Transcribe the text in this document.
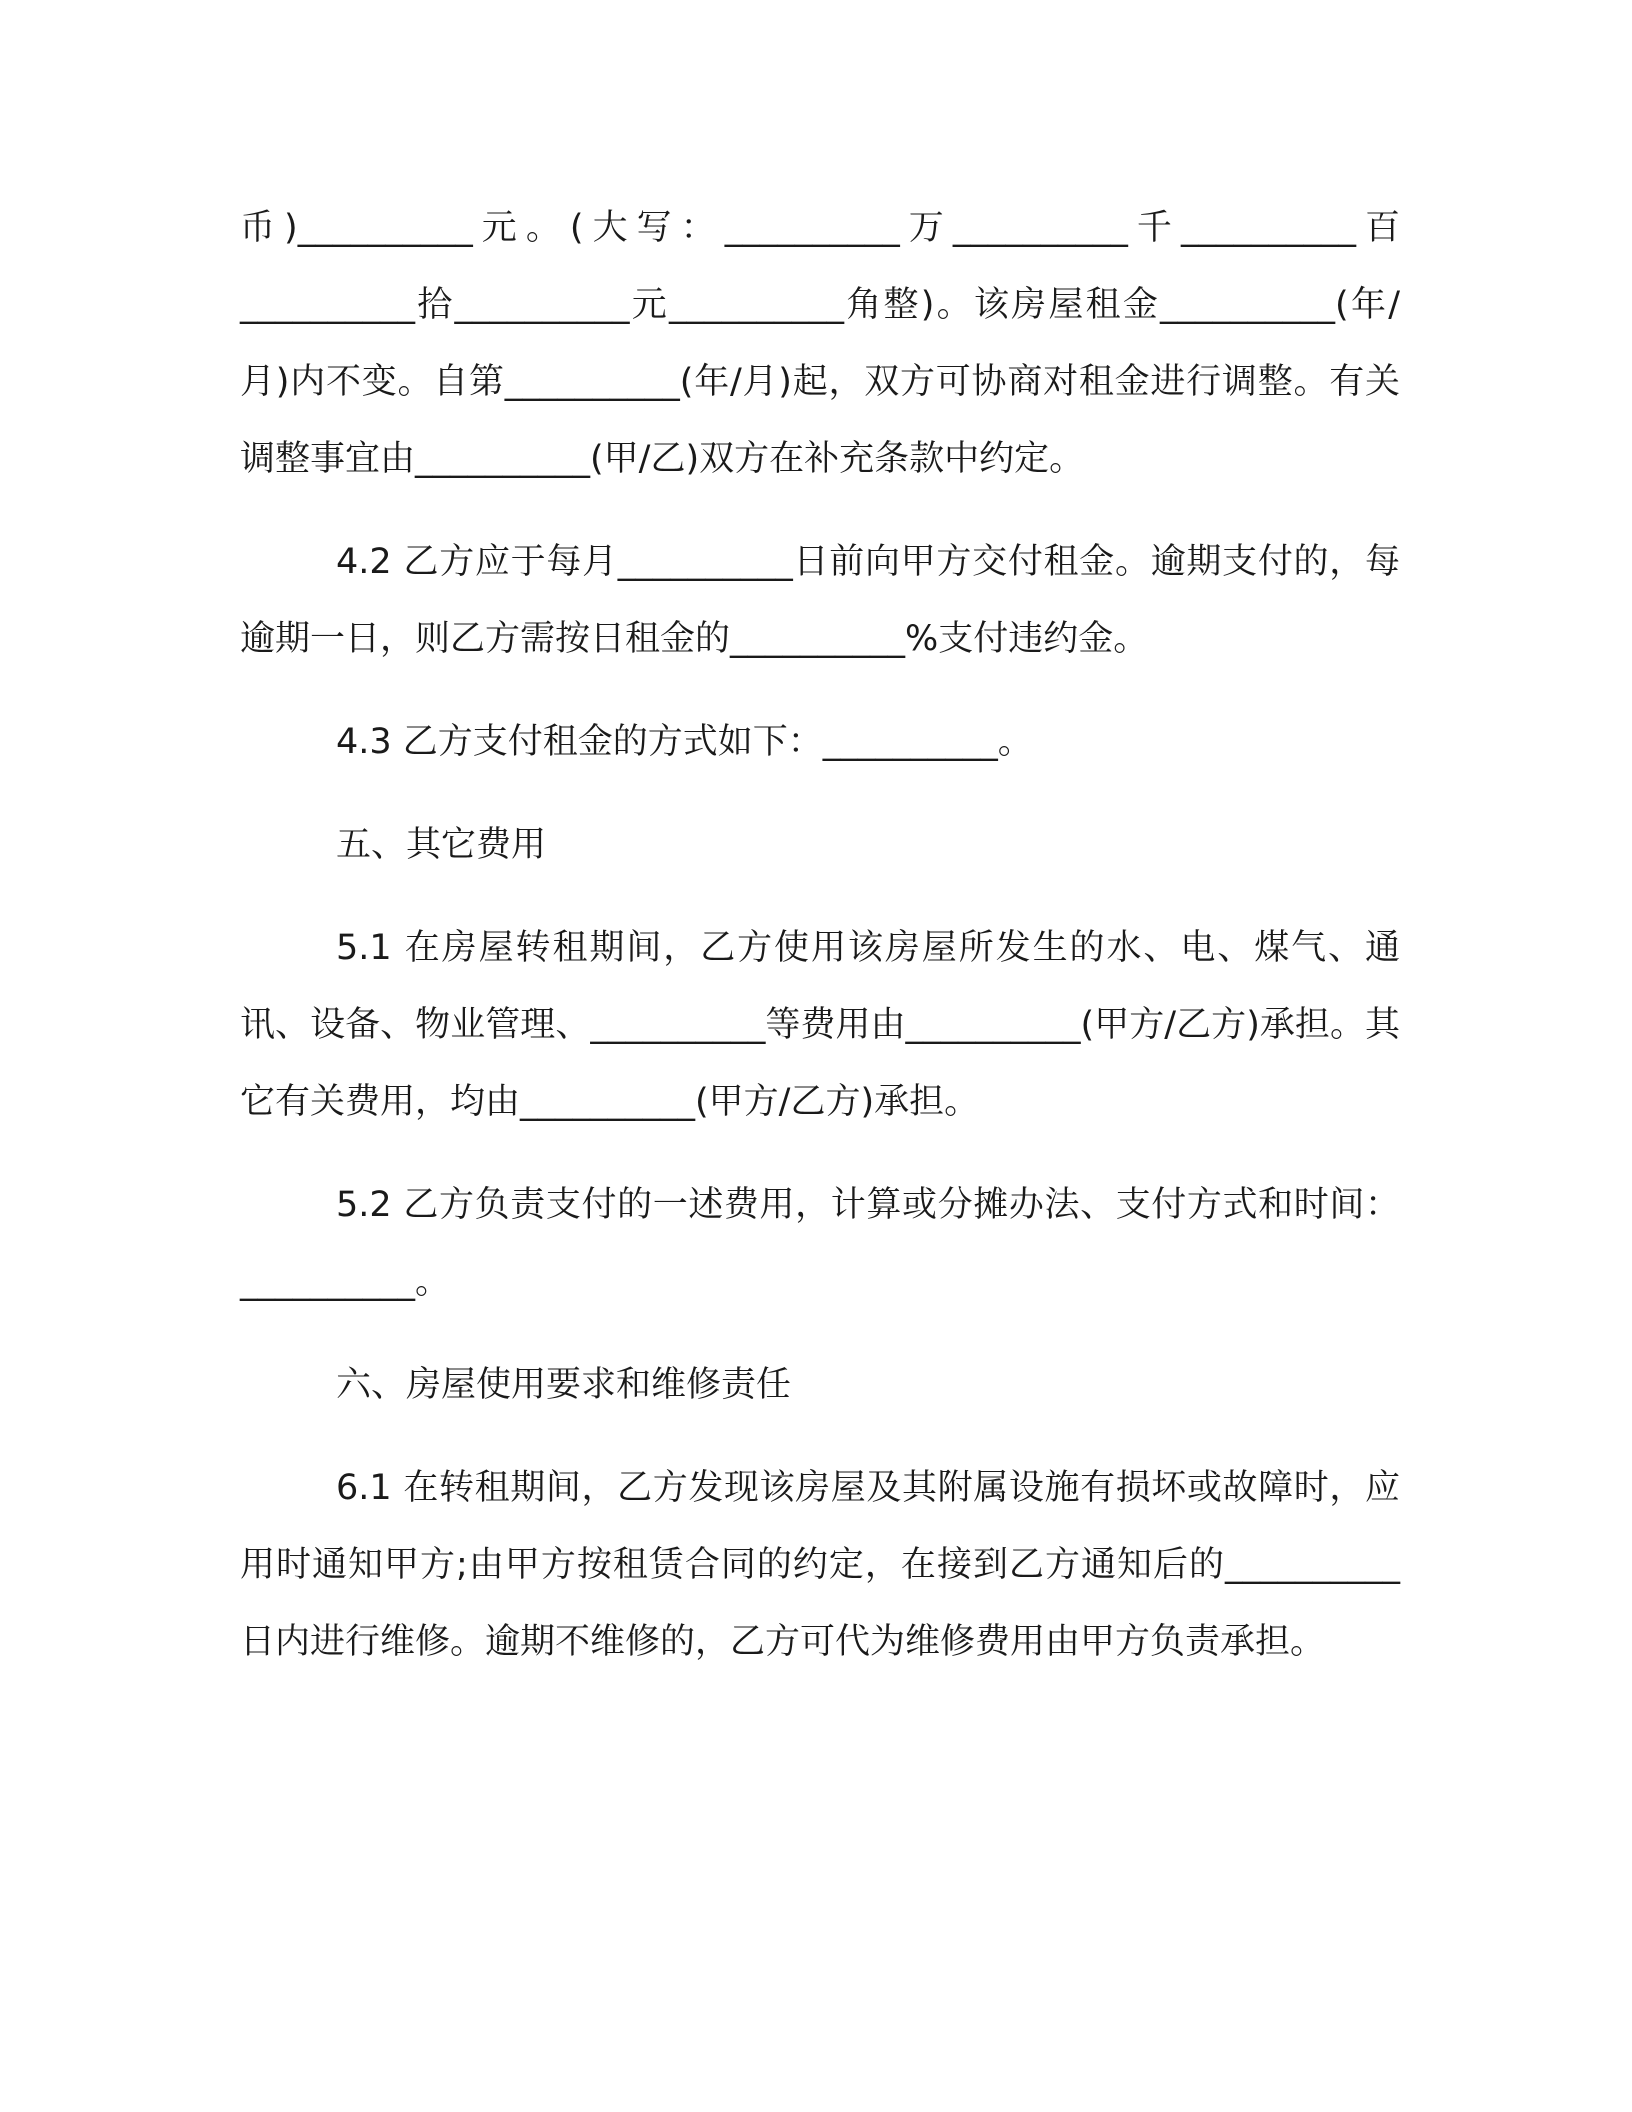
币)__________元。(大写：__________万__________千__________百__________拾__________元__________角整)。该房屋租金__________(年/月)内不变。自第__________(年/月)起，双方可协商对租金进行调整。有关调整事宜由__________(甲/乙)双方在补充条款中约定。

4.2 乙方应于每月__________日前向甲方交付租金。逾期支付的，每逾期一日，则乙方需按日租金的__________%支付违约金。

4.3 乙方支付租金的方式如下：__________。

五、其它费用

5.1 在房屋转租期间，乙方使用该房屋所发生的水、电、煤气、通讯、设备、物业管理、__________等费用由__________(甲方/乙方)承担。其它有关费用，均由__________(甲方/乙方)承担。

5.2 乙方负责支付的一述费用，计算或分摊办法、支付方式和时间：__________。

六、房屋使用要求和维修责任

6.1 在转租期间，乙方发现该房屋及其附属设施有损坏或故障时，应用时通知甲方;由甲方按租赁合同的约定，在接到乙方通知后的__________日内进行维修。逾期不维修的，乙方可代为维修费用由甲方负责承担。
